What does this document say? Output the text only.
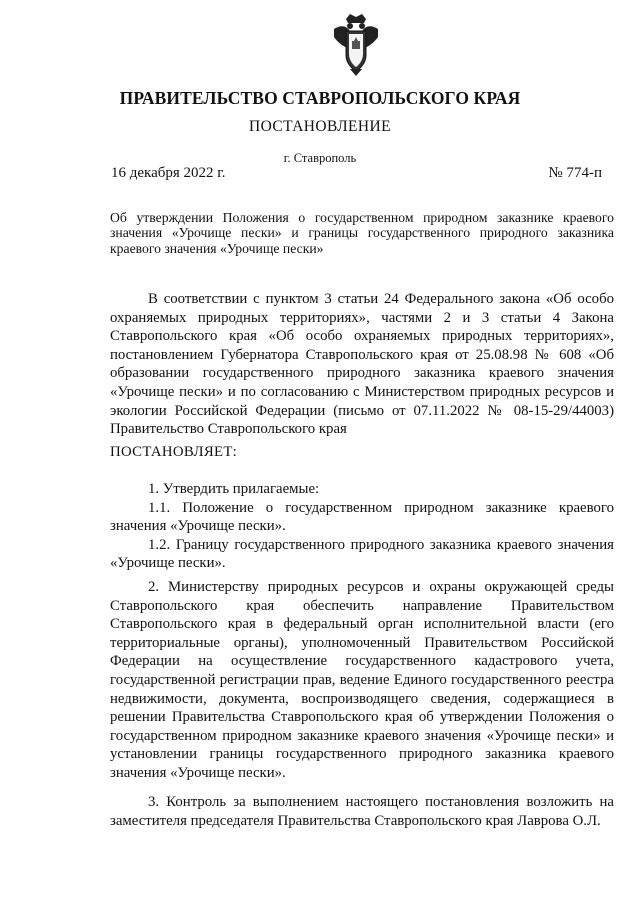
ПРАВИТЕЛЬСТВО СТАВРОПОЛЬСКОГО КРАЯ
ПОСТАНОВЛЕНИЕ
г. Ставрополь
16 декабря 2022 г.	№ 774-п
Об утверждении Положения о государственном природном заказнике краевого значения «Урочище пески» и границы государственного природного заказника краевого значения «Урочище пески»
В соответствии с пунктом 3 статьи 24 Федерального закона «Об особо охраняемых природных территориях», частями 2 и 3 статьи 4 Закона Ставропольского края «Об особо охраняемых природных территориях», постановлением Губернатора Ставропольского края от 25.08.98 № 608 «Об образовании государственного природного заказника краевого значения «Урочище пески» и по согласованию с Министерством природных ресурсов и экологии Российской Федерации (письмо от 07.11.2022 № 08-15-29/44003) Правительство Ставропольского края
ПОСТАНОВЛЯЕТ:

1. Утвердить прилагаемые:

1.1. Положение о государственном природном заказнике краевого значения «Урочище пески».

1.2. Границу государственного природного заказника краевого значения «Урочище пески».

2. Министерству природных ресурсов и охраны окружающей среды Ставропольского края обеспечить направление Правительством Ставропольского края в федеральный орган исполнительной власти (его территориальные органы), уполномоченный Правительством Российской Федерации на осуществление государственного кадастрового учета, государственной регистрации прав, ведение Единого государственного реестра недвижимости, документа, воспроизводящего сведения, содержащиеся в решении Правительства Ставропольского края об утверждении Положения о государственном природном заказнике краевого значения «Урочище пески» и установлении границы государственного природного заказника краевого значения «Урочище пески».
3. Контроль за выполнением настоящего постановления возложить на заместителя председателя Правительства Ставропольского края Лаврова О.Л.
